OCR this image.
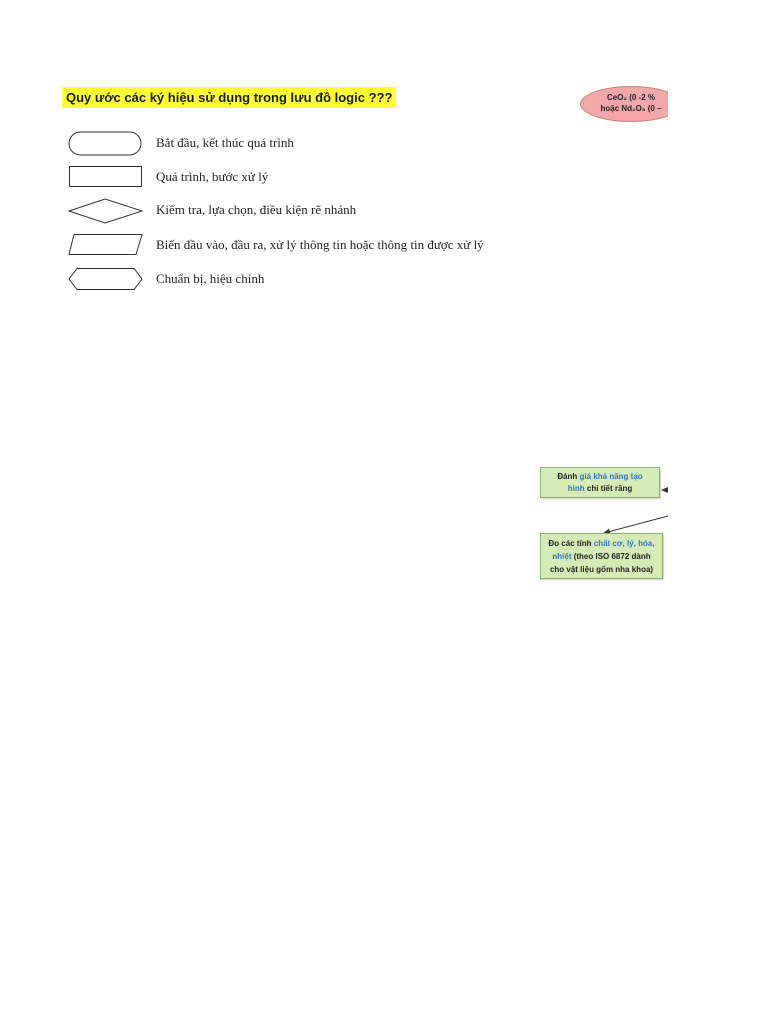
Quy ước các ký hiệu sử dụng trong lưu đồ logic ???
Bắt đầu, kết thúc quá trình
Quá trình, bước xử lý
Kiểm tra, lựa chọn, điều kiện rẽ nhánh
Biến đầu vào, đầu ra, xử lý thông tin hoặc thông tin được xử lý
Chuẩn bị, hiệu chỉnh
CeO₂ (0 -2 %
hoặc Nd₂O₃ (0 –
Đánh giá khả năng tạo
hình chi tiết răng
Đo các tính chất cơ, lý, hóa,
nhiệt (theo ISO 6872 dành
cho vật liệu gốm nha khoa)
